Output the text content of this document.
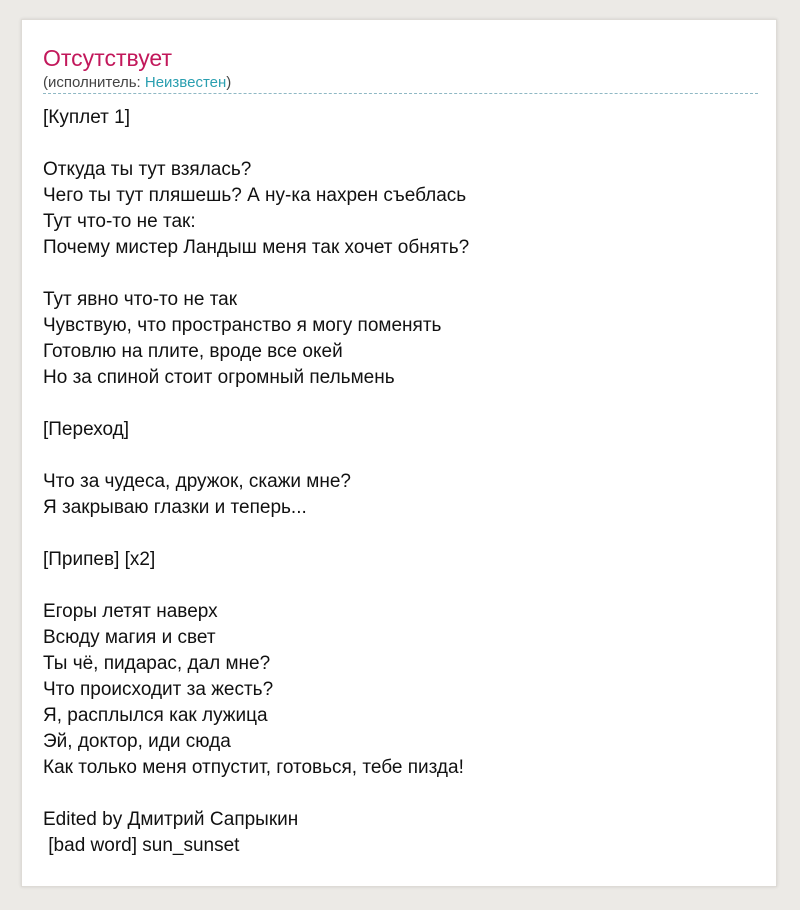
Отсутствует
(исполнитель: Неизвестен)
[Куплет 1]
Откуда ты тут взялась?
Чего ты тут пляшешь? А ну-ка нахрен съеблась
Тут что-то не так:
Почему мистер Ландыш меня так хочет обнять?
Тут явно что-то не так
Чувствую, что пространство я могу поменять
Готовлю на плите, вроде все окей
Но за спиной стоит огромный пельмень
[Переход]
Что за чудеса, дружок, скажи мне?
Я закрываю глазки и теперь...
[Припев] [x2]
Егоры летят наверх
Всюду магия и свет
Ты чё, пидарас, дал мне?
Что происходит за жесть?
Я, расплылся как лужица
Эй, доктор, иди сюда
Как только меня отпустит, готовься, тебе пизда!
Edited by Дмитрий Сапрыкин
[bad word] sun_sunset
